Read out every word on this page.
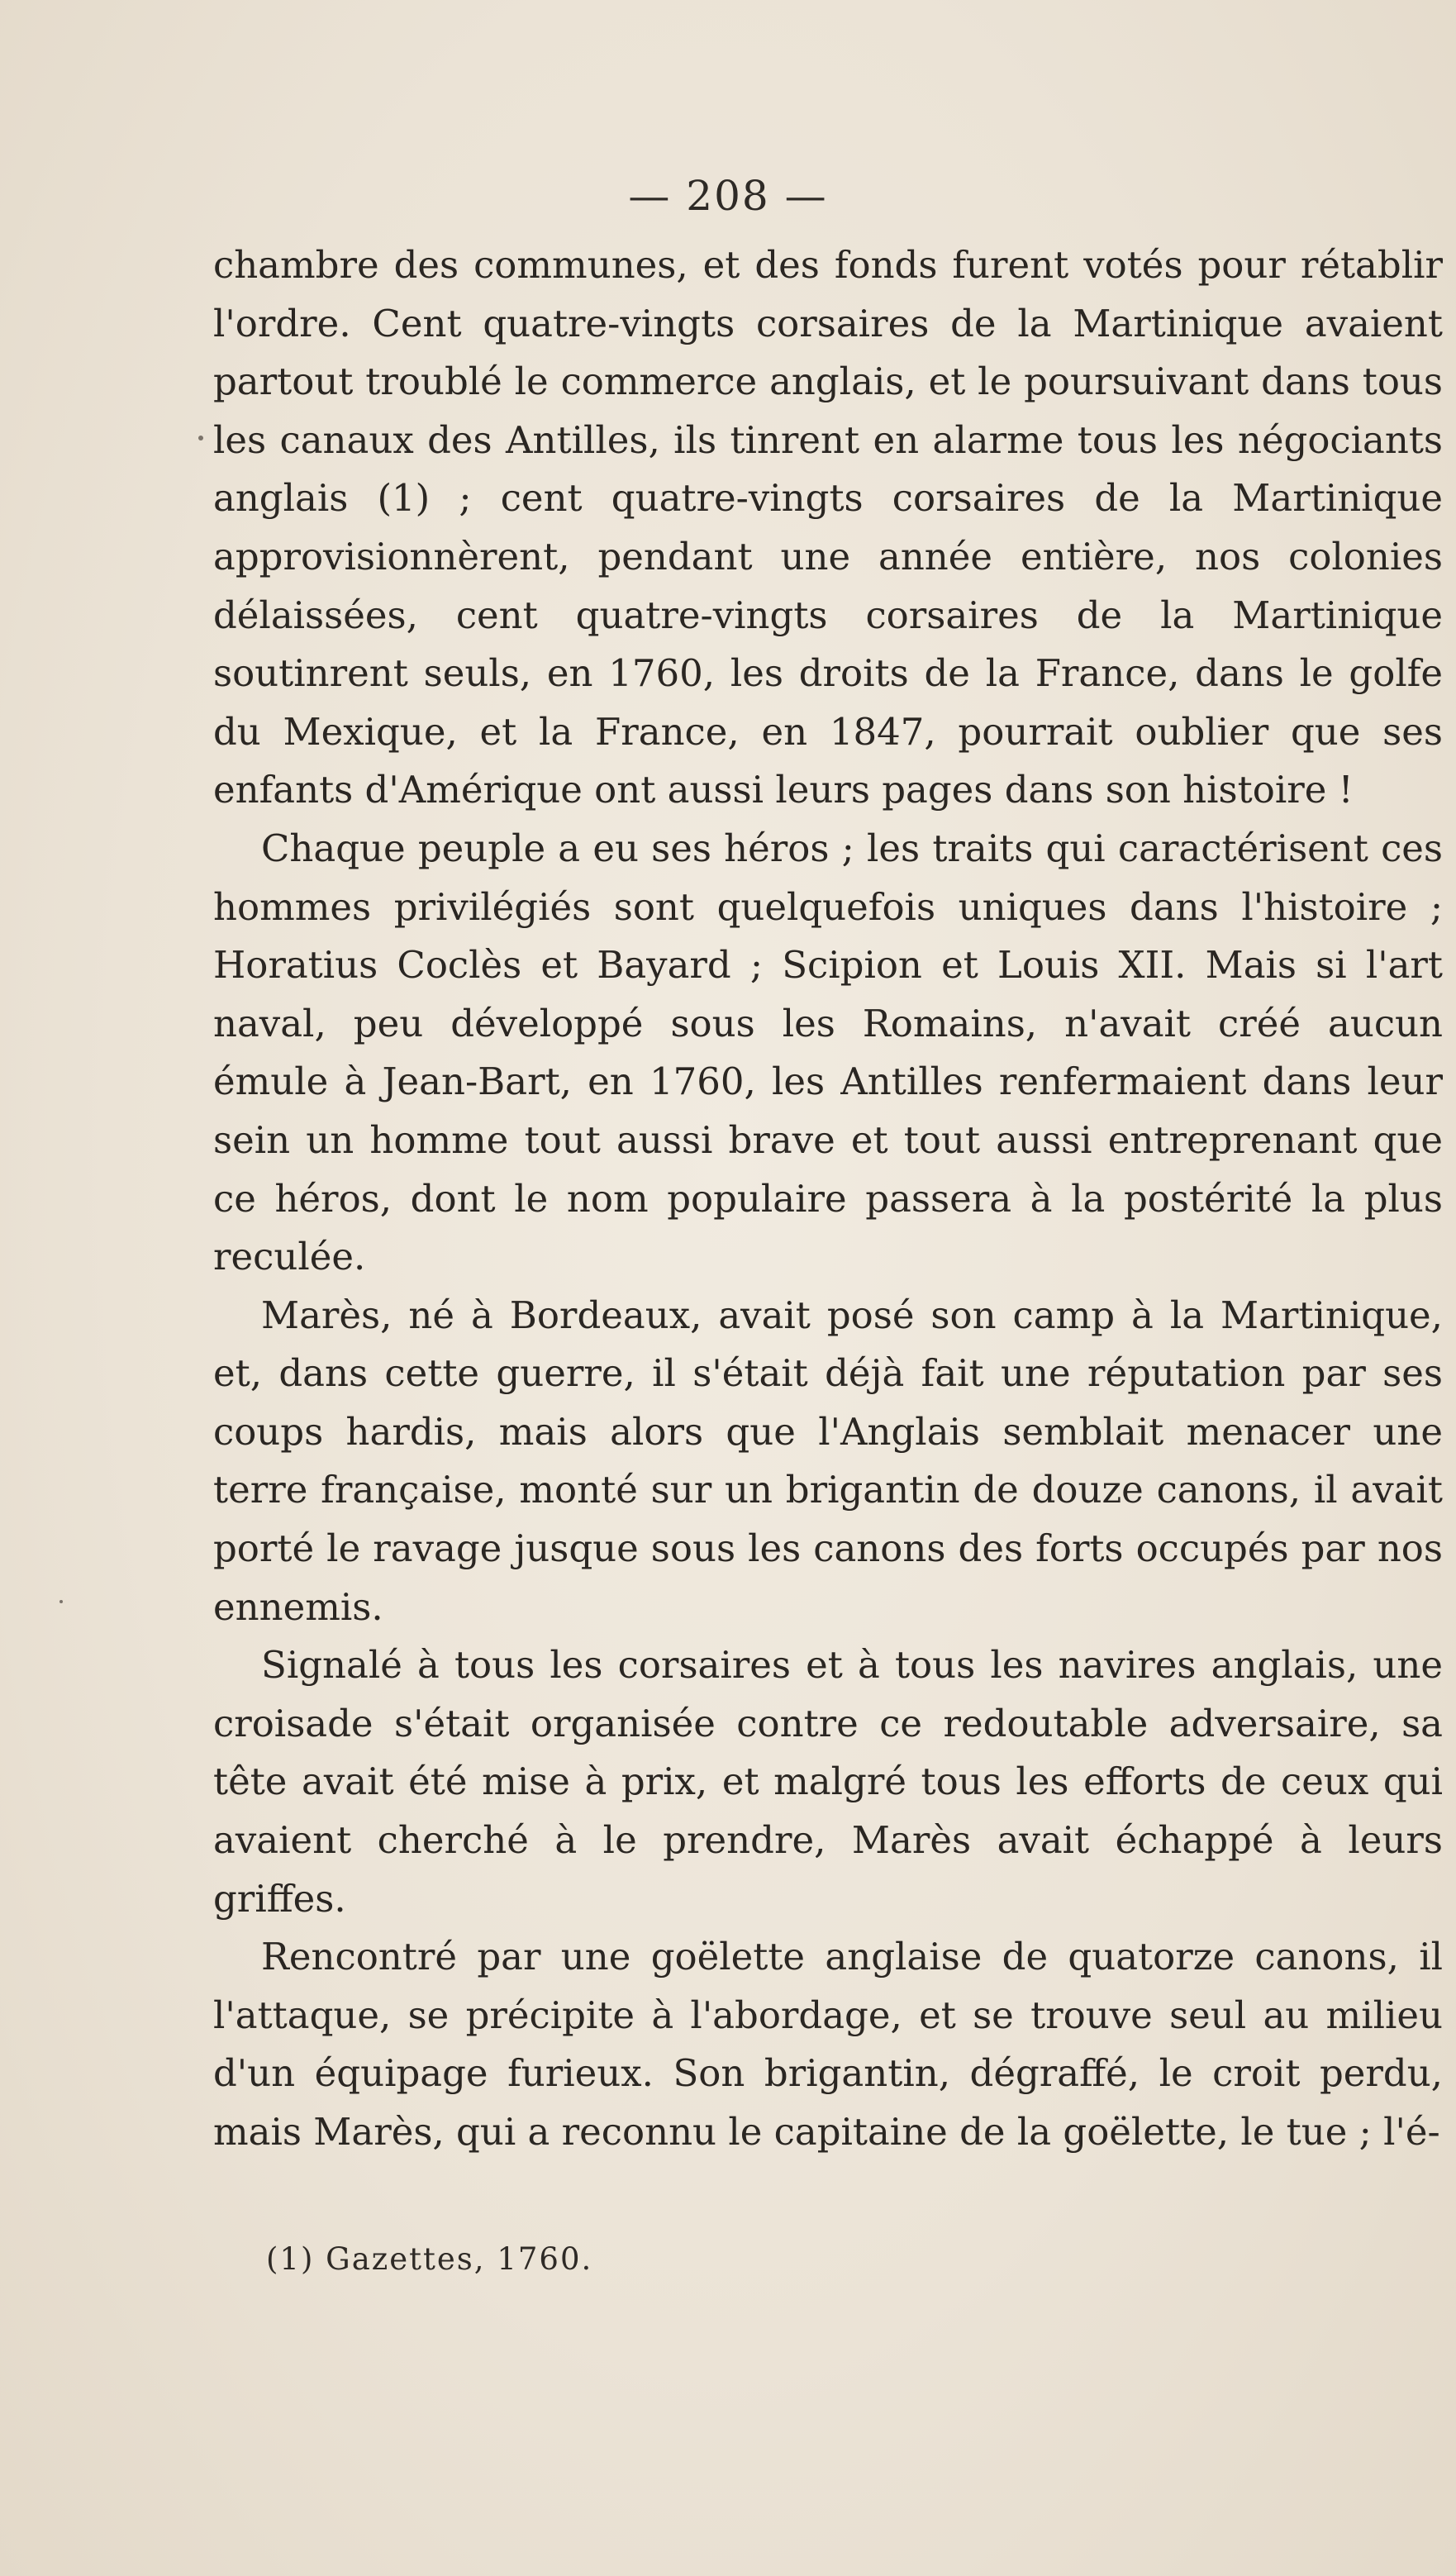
— 208 —

chambre des communes, et des fonds furent votés pour rétablir l'ordre. Cent quatre-vingts corsaires de la Martinique avaient partout troublé le commerce anglais, et le poursuivant dans tous les canaux des Antilles, ils tinrent en alarme tous les négociants anglais (1) ; cent quatre-vingts corsaires de la Martinique approvisionnèrent, pendant une année entière, nos colonies délaissées, cent quatre-vingts corsaires de la Martinique soutinrent seuls, en 1760, les droits de la France, dans le golfe du Mexique, et la France, en 1847, pourrait oublier que ses enfants d'Amérique ont aussi leurs pages dans son histoire !

Chaque peuple a eu ses héros ; les traits qui caractérisent ces hommes privilégiés sont quelquefois uniques dans l'histoire ; Horatius Coclès et Bayard ; Scipion et Louis XII. Mais si l'art naval, peu développé sous les Romains, n'avait créé aucun émule à Jean-Bart, en 1760, les Antilles renfermaient dans leur sein un homme tout aussi brave et tout aussi entreprenant que ce héros, dont le nom populaire passera à la postérité la plus reculée.

Marès, né à Bordeaux, avait posé son camp à la Martinique, et, dans cette guerre, il s'était déjà fait une réputation par ses coups hardis, mais alors que l'Anglais semblait menacer une terre française, monté sur un brigantin de douze canons, il avait porté le ravage jusque sous les canons des forts occupés par nos ennemis.

Signalé à tous les corsaires et à tous les navires anglais, une croisade s'était organisée contre ce redoutable adversaire, sa tête avait été mise à prix, et malgré tous les efforts de ceux qui avaient cherché à le prendre, Marès avait échappé à leurs griffes.

Rencontré par une goëlette anglaise de quatorze canons, il l'attaque, se précipite à l'abordage, et se trouve seul au milieu d'un équipage furieux. Son brigantin, dégraffé, le croit perdu, mais Marès, qui a reconnu le capitaine de la goëlette, le tue ; l'é-

(1) Gazettes, 1760.
